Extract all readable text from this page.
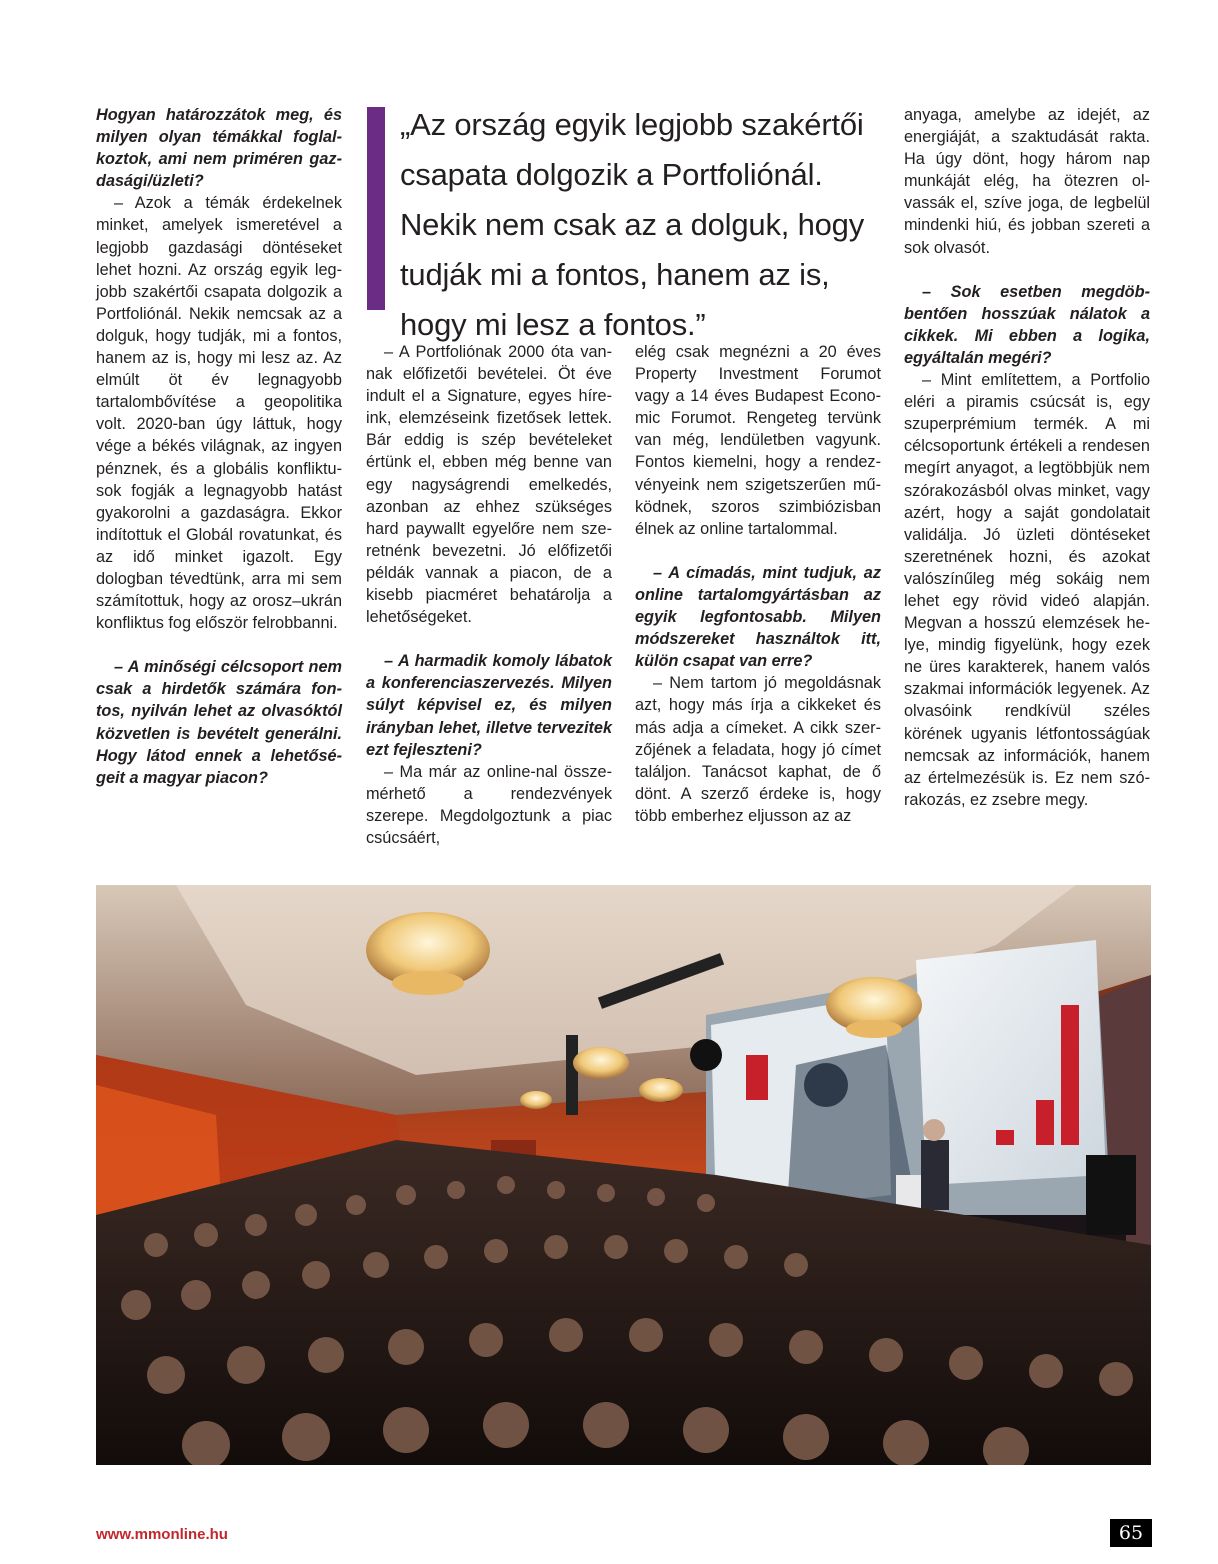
Hogyan határozzátok meg, és milyen olyan témákkal foglalkoztok, ami nem priméren gazdasági/üzleti?

– Azok a témák érdekelnek minket, amelyek ismeretével a legjobb gazdasági döntéseket lehet hozni. Az ország egyik legjobb szakértői csapata dolgozik a Portfoliónál. Nekik nemcsak az a dolguk, hogy tudják, mi a fontos, hanem az is, hogy mi lesz az. Az elmúlt öt év legnagyobb tartalombővítése a geopolitika volt. 2020-ban úgy láttuk, hogy vége a békés világnak, az ingyen pénznek, és a globális konfliktusok fogják a legnagyobb hatást gyakorolni a gazdaságra. Ekkor indítottuk el Globál rovatunkat, és az idő minket igazolt. Egy dologban tévedtünk, arra mi sem számítottuk, hogy az orosz–ukrán konfliktus fog először felrobbanni.

– A minőségi célcsoport nem csak a hirdetők számára fontos, nyilván lehet az olvasóktól közvetlen is bevételt generálni. Hogy látod ennek a lehetőségeit a magyar piacon?

„Az ország egyik legjobb szakértői csapata dolgozik a Portfoliónál. Nekik nem csak az a dolguk, hogy tudják mi a fontos, hanem az is, hogy mi lesz a fontos.”

– A Portfoliónak 2000 óta vannak előfizetői bevételei. Öt éve indult el a Signature, egyes híreink, elemzéseink fizetősek lettek. Bár eddig is szép bevételeket értünk el, ebben még benne van egy nagyságrendi emelkedés, azonban az ehhez szükséges hard paywallt egyelőre nem szeretnénk bevezetni. Jó előfizetői példák vannak a piacon, de a kisebb piacméret behatárolja a lehetőségeket.

– A harmadik komoly lábatok a konferenciaszervezés. Milyen súlyt képvisel ez, és milyen irányban lehet, illetve tervezitek ezt fejleszteni?

– Ma már az online-nal összemérhető a rendezvények szerepe. Megdolgoztunk a piac csúcsáért,

elég csak megnézni a 20 éves Property Investment Forumot vagy a 14 éves Budapest Economic Forumot. Rengeteg tervünk van még, lendületben vagyunk. Fontos kiemelni, hogy a rendezvényeink nem szigetszerűen működnek, szoros szimbiózisban élnek az online tartalommal.

– A címadás, mint tudjuk, az online tartalomgyártásban az egyik legfontosabb. Milyen módszereket használtok itt, külön csapat van erre?

– Nem tartom jó megoldásnak azt, hogy más írja a cikkeket és más adja a címeket. A cikk szerzőjének a feladata, hogy jó címet találjon. Tanácsot kaphat, de ő dönt. A szerző érdeke is, hogy több emberhez eljusson az az

anyaga, amelybe az idejét, az energiáját, a szaktudását rakta. Ha úgy dönt, hogy három nap munkáját elég, ha ötezren olvassák el, szíve joga, de legbelül mindenki hiú, és jobban szereti a sok olvasót.

– Sok esetben megdöbbentően hosszúak nálatok a cikkek. Mi ebben a logika, egyáltalán megéri?

– Mint említettem, a Portfolio eléri a piramis csúcsát is, egy szuperprémium termék. A mi célcsoportunk értékeli a rendesen megírt anyagot, a legtöbbjük nem szórakozásból olvas minket, vagy azért, hogy a saját gondolatait validálja. Jó üzleti döntéseket szeretnének hozni, és azokat valószínűleg még sokáig nem lehet egy rövid videó alapján. Megvan a hosszú elemzések helye, mindig figyelünk, hogy ezek ne üres karakterek, hanem valós szakmai információk legyenek. Az olvasóink rendkívül széles körének ugyanis létfontosságúak nemcsak az információk, hanem az értelmezésük is. Ez nem szórakozás, ez zsebre megy.

www.mmonline.hu	65
